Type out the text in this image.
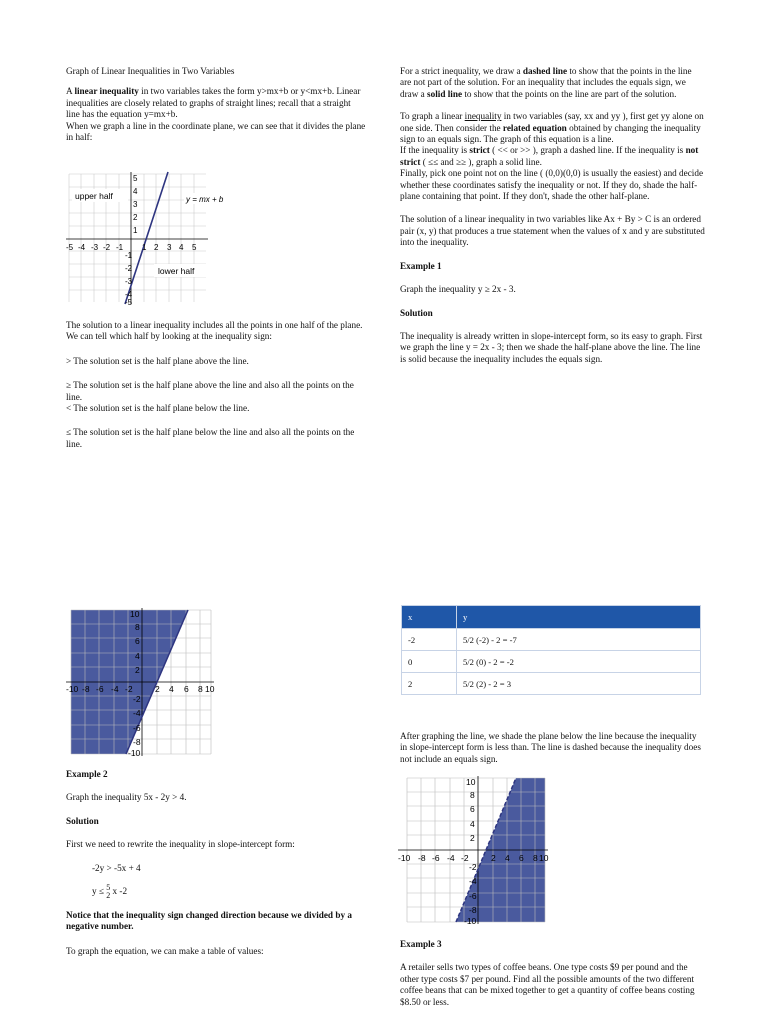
Graph of Linear Inequalities in Two Variables

A linear inequality in two variables takes the form y>mx+b or y<mx+b. Linear inequalities are closely related to graphs of straight lines; recall that a straight line has the equation y=mx+b.

When we graph a line in the coordinate plane, we can see that it divides the plane in half:

-5 -4 -3 -2 -1 1 2 3 4 5
5
4
3
2
1
-1
-2
-3
-4
-5
upper half
lower half
y = mx + b

The solution to a linear inequality includes all the points in one half of the plane. We can tell which half by looking at the inequality sign:

> The solution set is the half plane above the line.

≥ The solution set is the half plane above the line and also all the points on the line.

< The solution set is the half plane below the line.

≤ The solution set is the half plane below the line and also all the points on the line.

-10 -8 -6 -4 -2	2 4 6 8 10
10
8
6
4
2
-2
-4
-6
-8
-10

Example 2

Graph the inequality 5x - 2y > 4.

Solution

First we need to rewrite the inequality in slope-intercept form:

-2y > -5x + 4

y ≤ 5
2 x -2

Notice that the inequality sign changed direction because we divided by a negative number.

To graph the equation, we can make a table of values:

For a strict inequality, we draw a dashed line to show that the points in the line are not part of the solution. For an inequality that includes the equals sign, we draw a solid line to show that the points on the line are part of the solution.

To graph a linear inequality in two variables (say, xx and yy ), first get yy alone on one side. Then consider the related equation obtained by changing the inequality sign to an equals sign. The graph of this equation is a line.

If the inequality is strict ( << or >> ), graph a dashed line. If the inequality is not strict ( ≤≤ and ≥≥ ), graph a solid line.

Finally, pick one point not on the line ( (0,0)(0,0) is usually the easiest) and decide whether these coordinates satisfy the inequality or not. If they do, shade the half-plane containing that point. If they don't, shade the other half-plane.

The solution of a linear inequality in two variables like Ax + By > C is an ordered pair (x, y) that produces a true statement when the values of x and y are substituted into the inequality.

Example 1

Graph the inequality y ≥ 2x - 3.

Solution

The inequality is already written in slope-intercept form, so its easy to graph. First we graph the line y = 2x - 3; then we shade the half-plane above the line. The line is solid because the inequality includes the equals sign.

x	y
-2	5/2 (-2) - 2 = -7
0	5/2 (0) - 2 = -2
2	5/2 (2) - 2 = 3

After graphing the line, we shade the plane below the line because the inequality in slope-intercept form is less than. The line is dashed because the inequality does not include an equals sign.

-10 -8 -6 -4 -2	2 4 6 8 10
10
8
6
4
2
-2
-4
-6
-8
-10

Example 3

A retailer sells two types of coffee beans. One type costs $9 per pound and the other type costs $7 per pound. Find all the possible amounts of the two different coffee beans that can be mixed together to get a quantity of coffee beans costing $8.50 or less.
